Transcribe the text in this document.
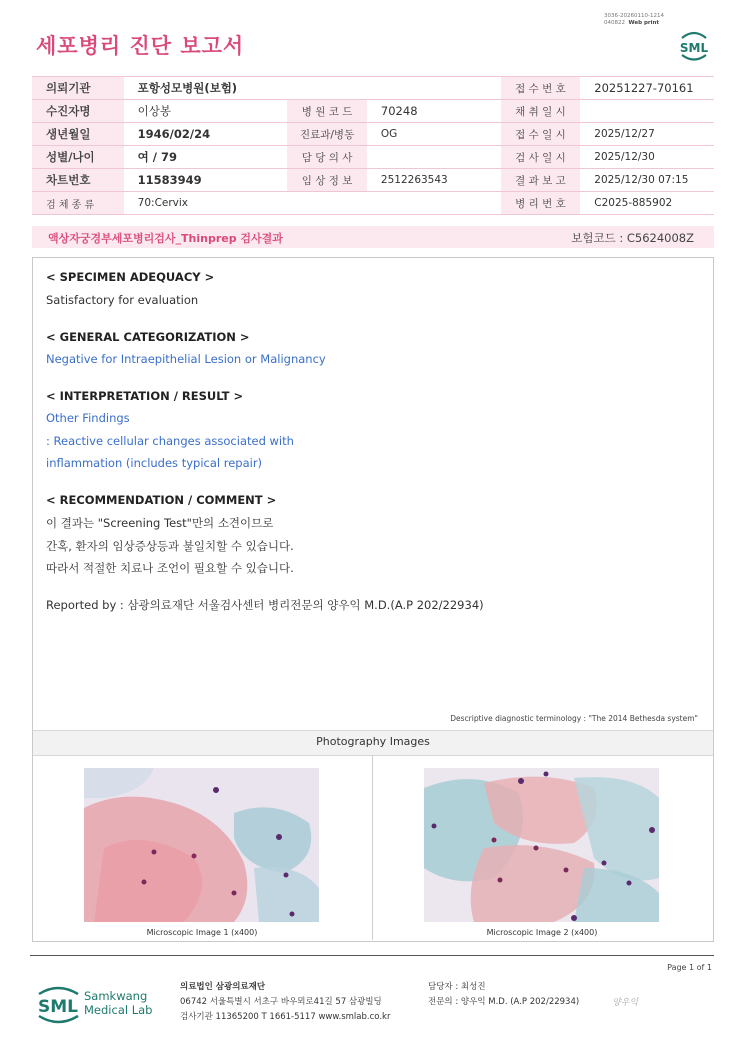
세포병리 진단 보고서
3036-20260110-1214
040822 Web print
SML
의뢰기관	포항성모병원(보험)			접 수 번 호	20251227-70161
수진자명	이상봉	병 원 코 드	70248	채 취 일 시	
생년월일	1946/02/24	진료과/병동	OG	접 수 일 시	2025/12/27
성별/나이	여 / 79	담 당 의 사		검 사 일 시	2025/12/30
차트번호	11583949	임 상 정 보	2512263543	결 과 보 고	2025/12/30 07:15
검 체 종 류	70:Cervix			병 리 번 호	C2025-885902
액상자궁경부세포병리검사_Thinprep 검사결과	보험코드 : C5624008Z
< SPECIMEN ADEQUACY >
Satisfactory for evaluation
< GENERAL CATEGORIZATION >
Negative for Intraepithelial Lesion or Malignancy
< INTERPRETATION / RESULT >
Other Findings
: Reactive cellular changes associated with
inflammation (includes typical repair)
< RECOMMENDATION / COMMENT >
이 결과는 "Screening Test"만의 소견이므로
간혹, 환자의 임상증상등과 불일치할 수 있습니다.
따라서 적절한 치료나 조언이 필요할 수 있습니다.
Reported by : 삼광의료재단 서울검사센터 병리전문의 양우익 M.D.(A.P 202/22934)
Descriptive diagnostic terminology : "The 2014 Bethesda system"
Photography Images
Microscopic Image 1 (x400)	Microscopic Image 2 (x400)
Page 1 of 1
SML
Samkwang
Medical Lab
의료법인 삼광의료재단
06742 서울특별시 서초구 바우뫼로41길 57 삼광빌딩
검사기관 11365200 T 1661-5117 www.smlab.co.kr
담당자 : 최성진
전문의 : 양우익 M.D. (A.P 202/22934)	양우익
